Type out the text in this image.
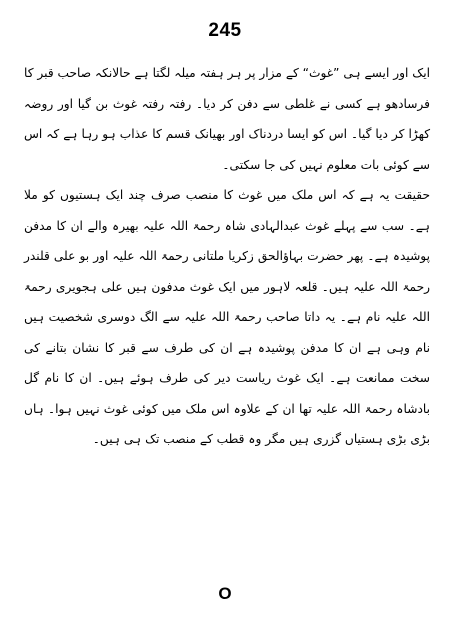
245

ایک اور ایسے ہی ”غوث“ کے مزار پر ہر ہفتہ میلہ لگتا ہے حالانکہ صاحب قبر کا فرسادھو ہے کسی نے غلطی سے دفن کر دیا۔ رفتہ رفتہ غوث بن گیا اور روضہ کھڑا کر دیا گیا۔ اس کو ایسا دردناک اور بھیانک قسم کا عذاب ہو رہا ہے کہ اس سے کوئی بات معلوم نہیں کی جا سکتی۔

حقیقت یہ ہے کہ اس ملک میں غوث کا منصب صرف چند ایک ہستیوں کو ملا ہے۔ سب سے پہلے غوث عبدالہادی شاہ رحمۃ اللہ علیہ بھیرہ والے ان کا مدفن پوشیدہ ہے۔ پھر حضرت بہاؤالحق زکریا ملتانی رحمۃ اللہ علیہ اور بو علی قلندر رحمۃ اللہ علیہ ہیں۔ قلعہ لاہور میں ایک غوث مدفون ہیں علی ہجویری رحمۃ اللہ علیہ نام ہے۔ یہ داتا صاحب رحمۃ اللہ علیہ سے الگ دوسری شخصیت ہیں نام وہی ہے ان کا مدفن پوشیدہ ہے ان کی طرف سے قبر کا نشان بتانے کی سخت ممانعت ہے۔ ایک غوث ریاست دیر کی طرف ہوئے ہیں۔ ان کا نام گل بادشاہ رحمۃ اللہ علیہ تھا ان کے علاوہ اس ملک میں کوئی غوث نہیں ہوا۔ ہاں بڑی بڑی ہستیاں گزری ہیں مگر وہ قطب کے منصب تک ہی ہیں۔

O
